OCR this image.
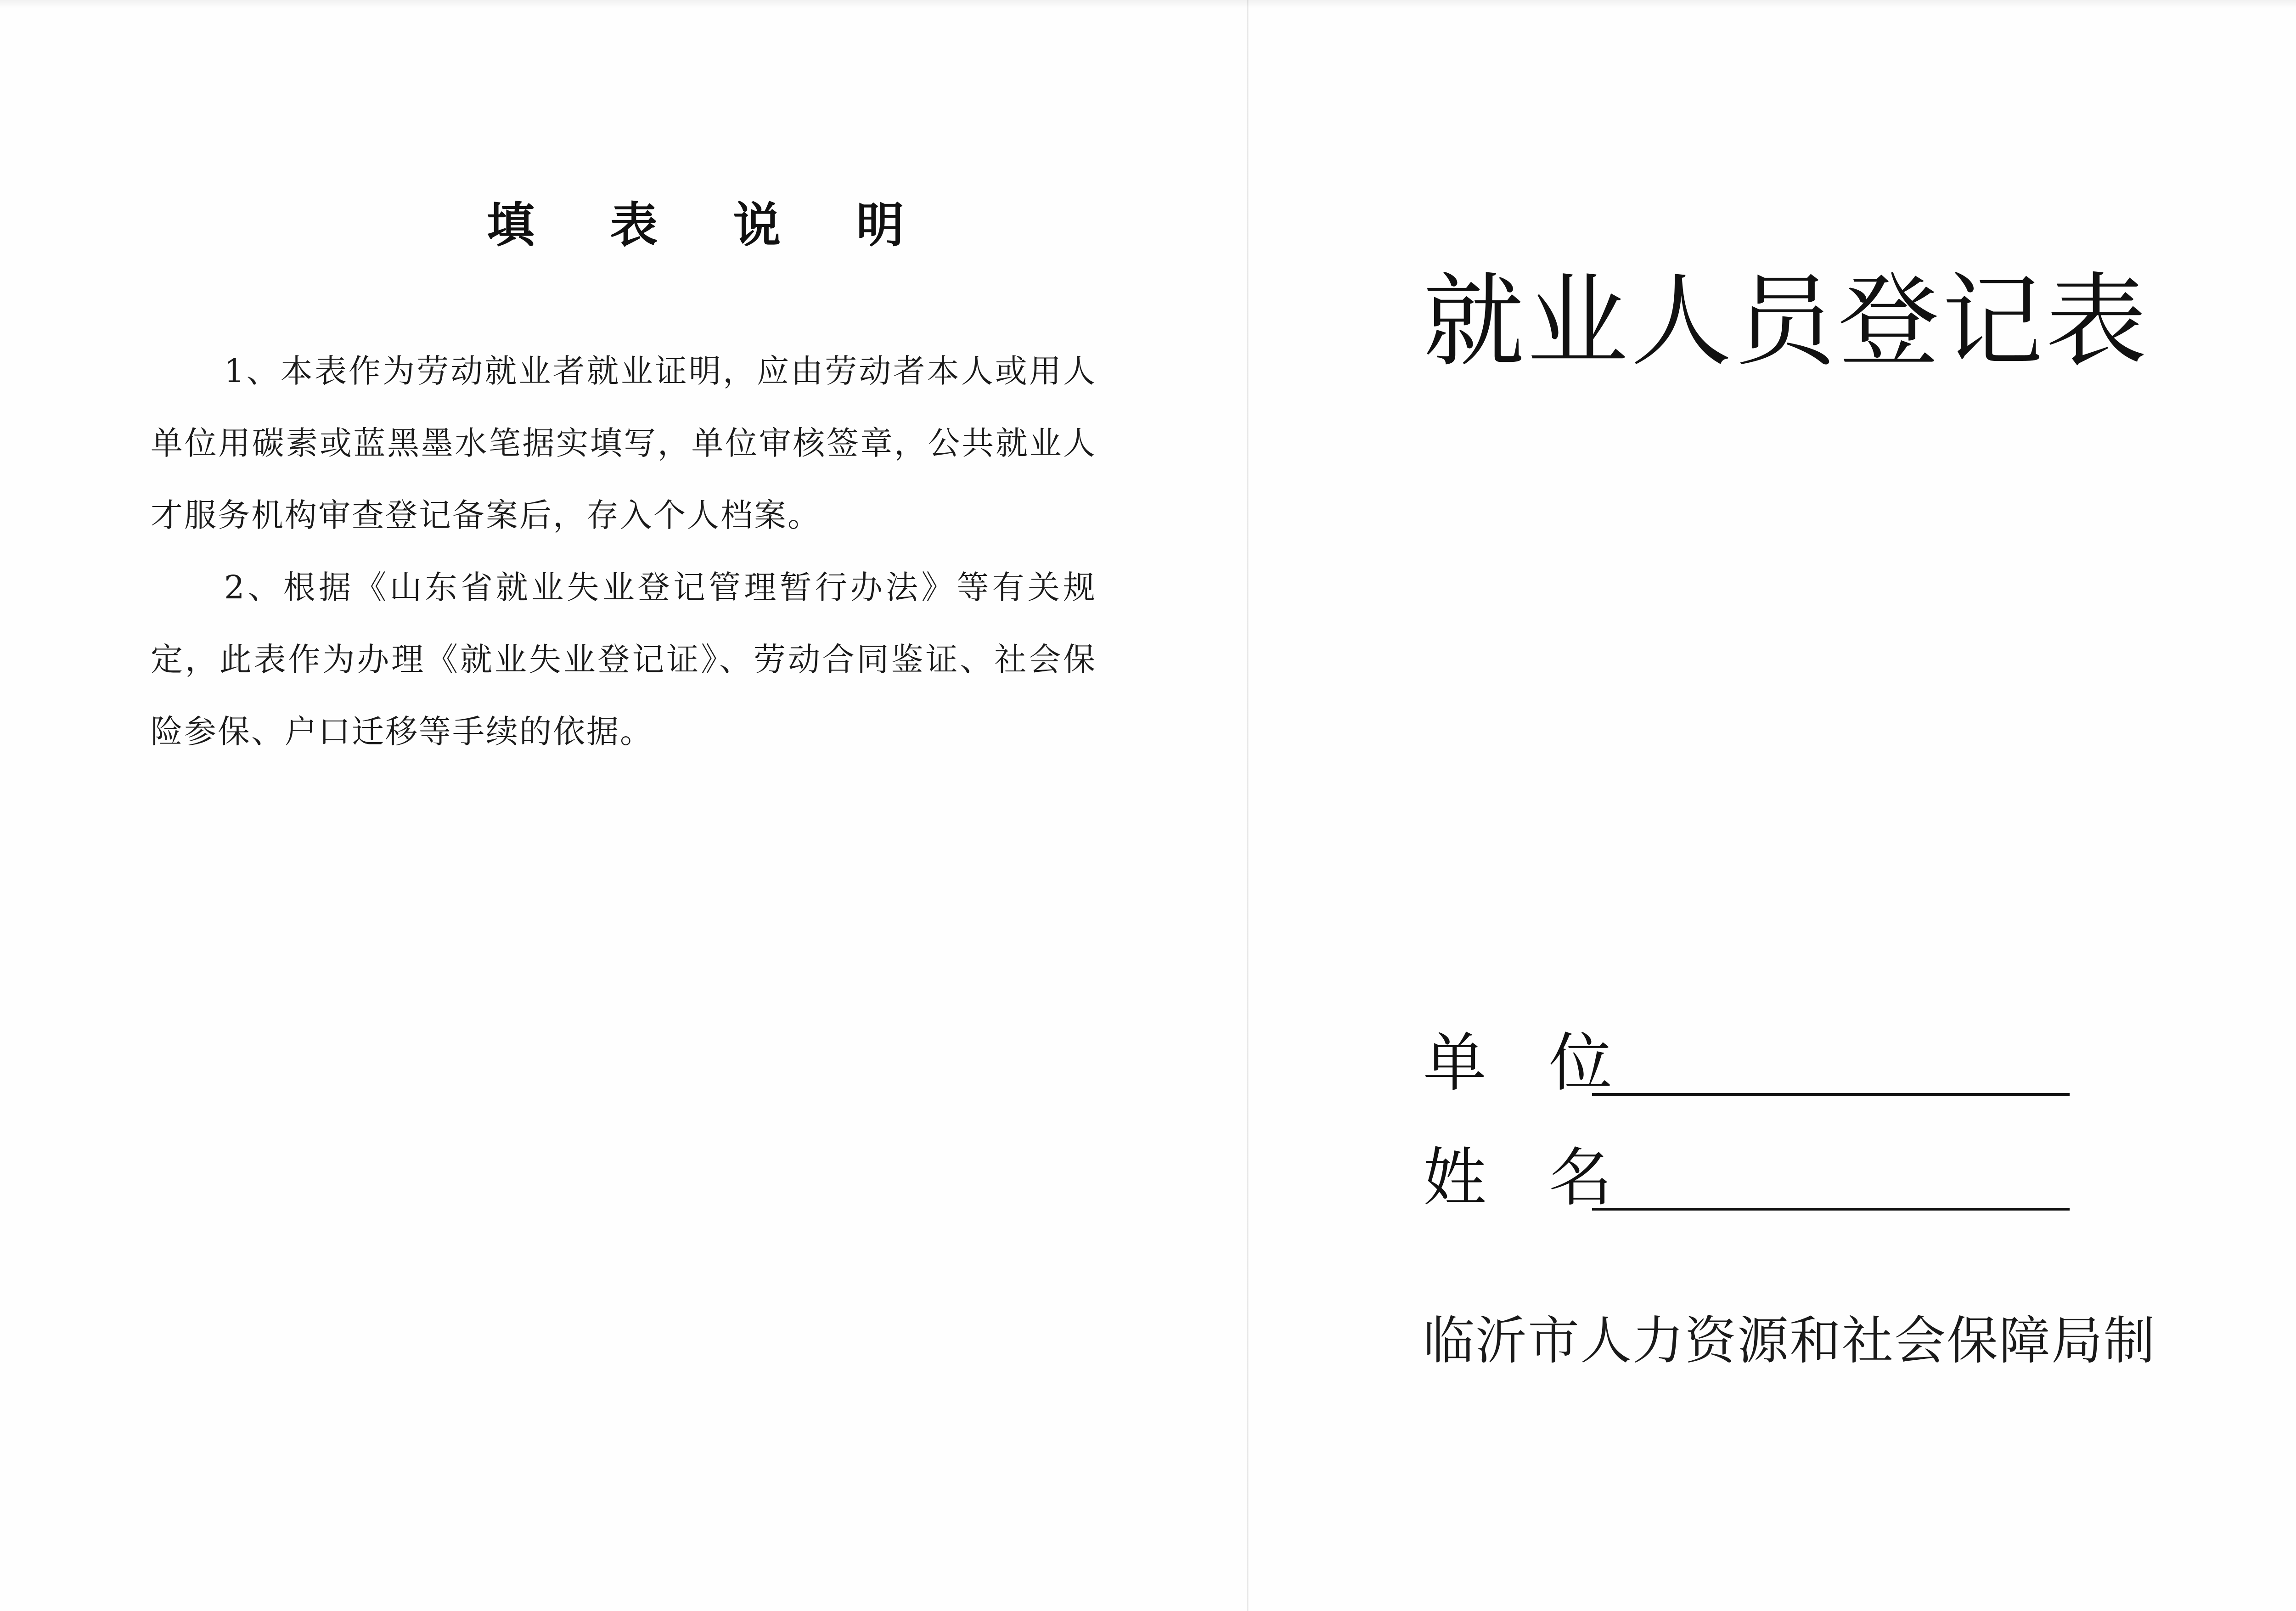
填 表 说 明

1、本表作为劳动就业者就业证明，应由劳动者本人或用人单位用碳素或蓝黑墨水笔据实填写，单位审核签章，公共就业人才服务机构审查登记备案后，存入个人档案。

2、根据《山东省就业失业登记管理暂行办法》等有关规定，此表作为办理《就业失业登记证》、劳动合同鉴证、社会保险参保、户口迁移等手续的依据。

就业人员登记表
单 位
姓 名
临沂市人力资源和社会保障局制
